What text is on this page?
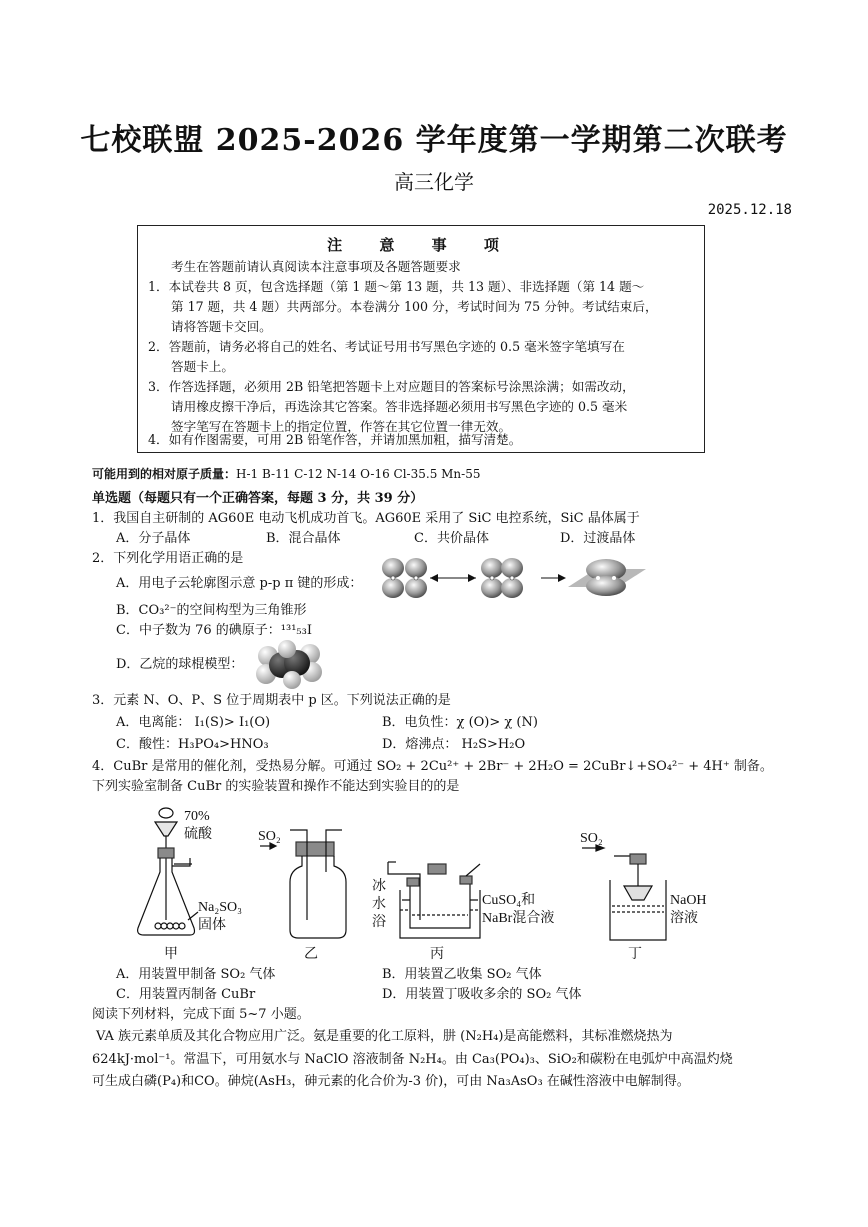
七校联盟 2025-2026 学年度第一学期第二次联考
高三化学
2025.12.18
注 意 事 项
考生在答题前请认真阅读本注意事项及各题答题要求
1．本试卷共 8 页，包含选择题（第 1 题～第 13 题，共 13 题）、非选择题（第 14 题～
第 17 题，共 4 题）共两部分。本卷满分 100 分，考试时间为 75 分钟。考试结束后，
请将答题卡交回。
2．答题前，请务必将自己的姓名、考试证号用书写黑色字迹的 0.5 毫米签字笔填写在
答题卡上。
3．作答选择题，必须用 2B 铅笔把答题卡上对应题目的答案标号涂黑涂满；如需改动，
请用橡皮擦干净后，再选涂其它答案。答非选择题必须用书写黑色字迹的 0.5 毫米
签字笔写在答题卡上的指定位置，作答在其它位置一律无效。
4．如有作图需要，可用 2B 铅笔作答，并请加黑加粗，描写清楚。
可能用到的相对原子质量：H-1 B-11 C-12 N-14 O-16 Cl-35.5 Mn-55
单选题（每题只有一个正确答案，每题 3 分，共 39 分）
1．我国自主研制的 AG60E 电动飞机成功首飞。AG60E 采用了 SiC 电控系统，SiC 晶体属于
A．分子晶体	B．混合晶体	C．共价晶体	D．过渡晶体
2．下列化学用语正确的是
A．用电子云轮廓图示意 p-p π 键的形成：
B．CO₃²⁻的空间构型为三角锥形
C．中子数为 76 的碘原子：¹³¹₅₃I
D．乙烷的球棍模型：
3．元素 N、O、P、S 位于周期表中 p 区。下列说法正确的是
A．电离能： I₁(S)> I₁(O)	B．电负性：χ (O)> χ (N)
C．酸性：H₃PO₄>HNO₃	D．熔沸点： H₂S>H₂O
4．CuBr 是常用的催化剂，受热易分解。可通过 SO₂ + 2Cu²⁺ + 2Br⁻ + 2H₂O = 2CuBr↓+SO₄²⁻ + 4H⁺ 制备。
下列实验室制备 CuBr 的实验装置和操作不能达到实验目的的是
70%
硫酸
Na₂SO₃
固体
SO₂
冰
水
浴
CuSO₄和
NaBr混合液
SO₂
NaOH
溶液
甲	乙	丙	丁
A．用装置甲制备 SO₂ 气体	B．用装置乙收集 SO₂ 气体
C．用装置丙制备 CuBr	D．用装置丁吸收多余的 SO₂ 气体
阅读下列材料，完成下面 5~7 小题。
VA 族元素单质及其化合物应用广泛。氨是重要的化工原料，肼 (N₂H₄)是高能燃料，其标准燃烧热为
624kJ·mol⁻¹。常温下，可用氨水与 NaClO 溶液制备 N₂H₄。由 Ca₃(PO₄)₃、SiO₂和碳粉在电弧炉中高温灼烧
可生成白磷(P₄)和CO。砷烷(AsH₃，砷元素的化合价为-3 价)，可由 Na₃AsO₃ 在碱性溶液中电解制得。
